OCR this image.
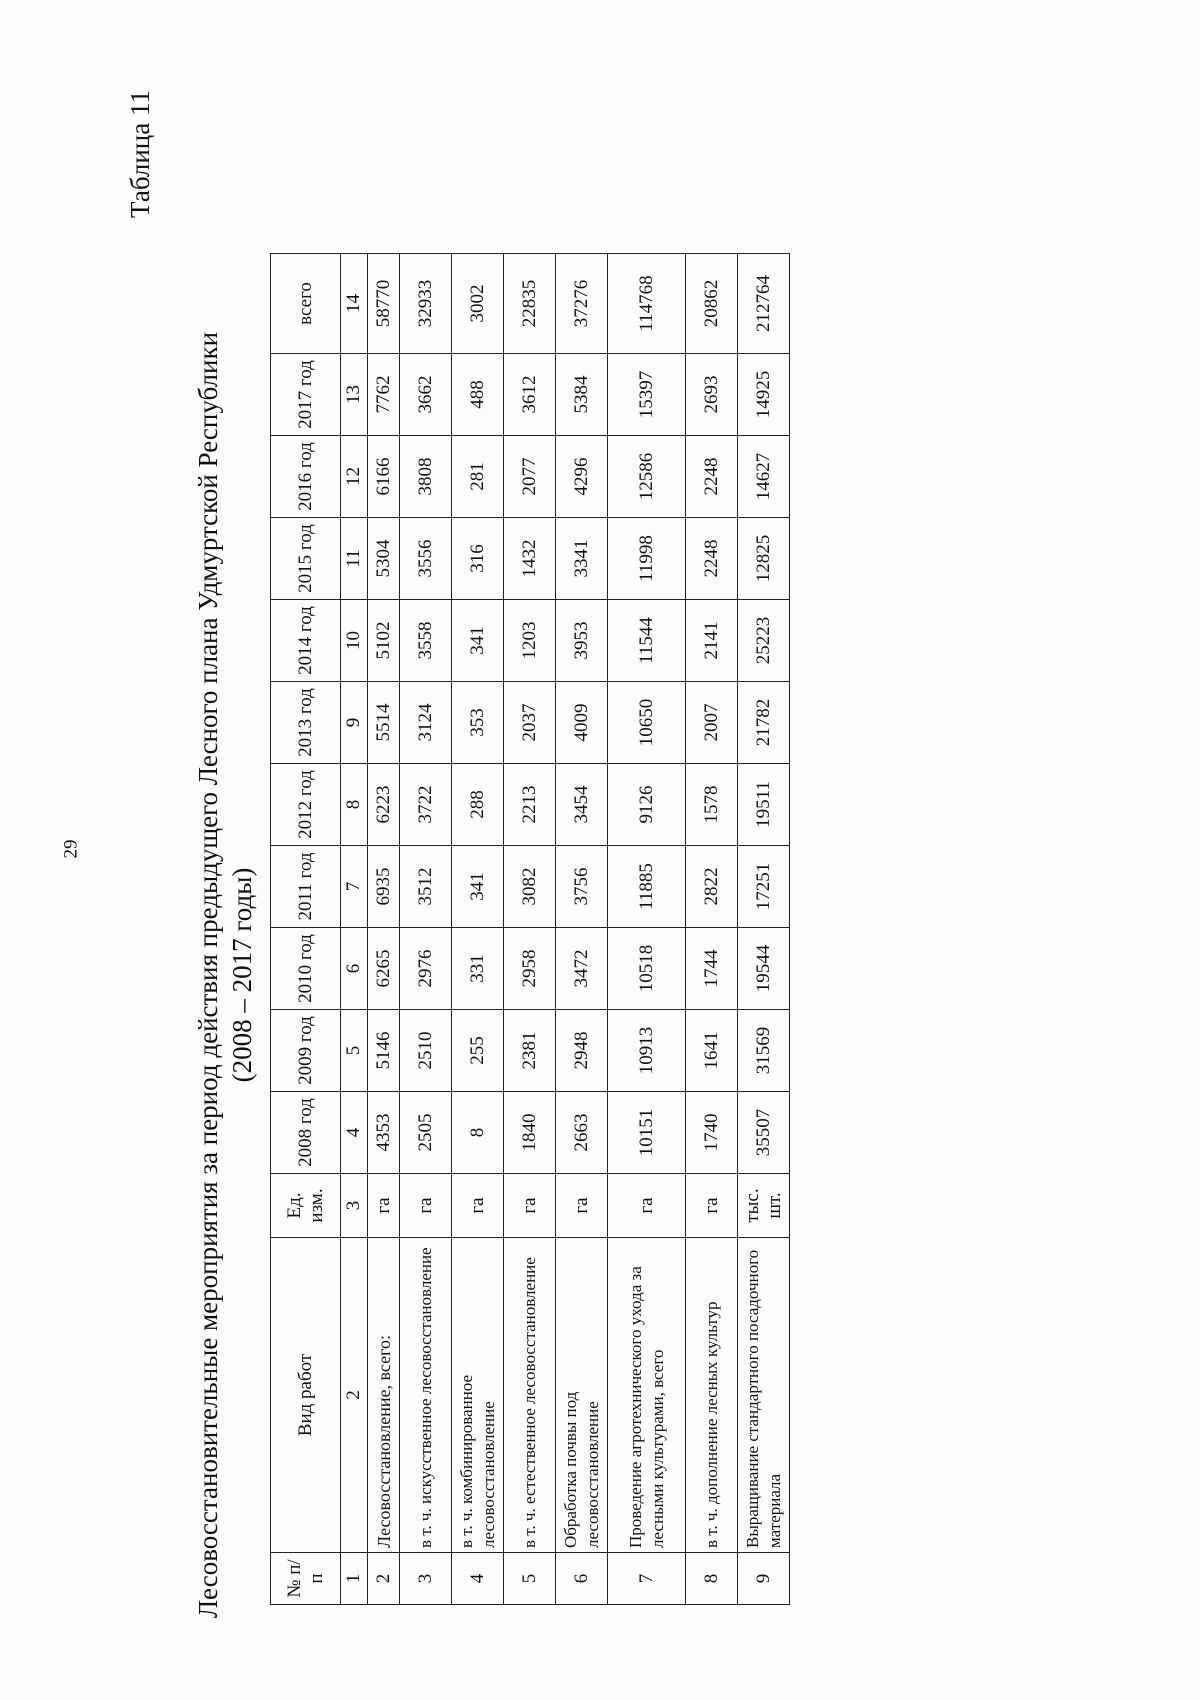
29
Таблица 11
Лесовосстановительные мероприятия за период действия предыдущего Лесного плана Удмуртской Республики (2008 – 2017 годы)
№ п/п	Вид работ	Ед. изм.	2008 год	2009 год	2010 год	2011 год	2012 год	2013 год	2014 год	2015 год	2016 год	2017 год	всего
1	2	3	4	5	6	7	8	9	10	11	12	13	14
2	Лесовосстановление, всего:	га	4353	5146	6265	6935	6223	5514	5102	5304	6166	7762	58770
3	в т. ч. искусственное лесовосстановление	га	2505	2510	2976	3512	3722	3124	3558	3556	3808	3662	32933
4	в т. ч. комбинированное лесовосстановление	га	8	255	331	341	288	353	341	316	281	488	3002
5	в т. ч. естественное лесовосстановление	га	1840	2381	2958	3082	2213	2037	1203	1432	2077	3612	22835
6	Обработка почвы под лесовосстановление	га	2663	2948	3472	3756	3454	4009	3953	3341	4296	5384	37276
7	Проведение агротехнического ухода за лесными культурами, всего	га	10151	10913	10518	11885	9126	10650	11544	11998	12586	15397	114768
8	в т. ч. дополнение лесных культур	га	1740	1641	1744	2822	1578	2007	2141	2248	2248	2693	20862
9	Выращивание стандартного посадочного материала	тыс. шт.	35507	31569	19544	17251	19511	21782	25223	12825	14627	14925	212764
